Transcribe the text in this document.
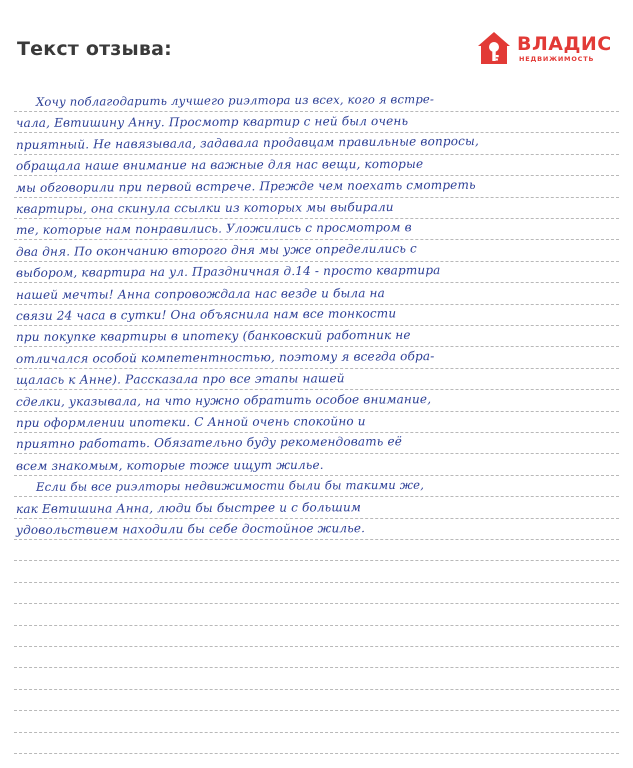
Текст отзыва:	ВЛАДИС
НЕДВИЖИМОСТЬ
Хочу поблагодарить лучшего риэлтора из всех, кого я встре-
чала, Евтишину Анну. Просмотр квартир с ней был очень
приятный. Не навязывала, задавала продавцам правильные вопросы,
обращала наше внимание на важные для нас вещи, которые
мы обговорили при первой встрече. Прежде чем поехать смотреть
квартиры, она скинула ссылки из которых мы выбирали
те, которые нам понравились. Уложились с просмотром в
два дня. По окончанию второго дня мы уже определились с
выбором, квартира на ул. Праздничная д.14 - просто квартира
нашей мечты! Анна сопровождала нас везде и была на
связи 24 часа в сутки! Она объяснила нам все тонкости
при покупке квартиры в ипотеку (банковский работник не
отличался особой компетентностью, поэтому я всегда обра-
щалась к Анне). Рассказала про все этапы нашей
сделки, указывала, на что нужно обратить особое внимание,
при оформлении ипотеки. С Анной очень спокойно и
приятно работать. Обязательно буду рекомендовать её
всем знакомым, которые тоже ищут жилье.
Если бы все риэлторы недвижимости были бы такими же,
как Евтишина Анна, люди бы быстрее и с большим
удовольствием находили бы себе достойное жилье.
